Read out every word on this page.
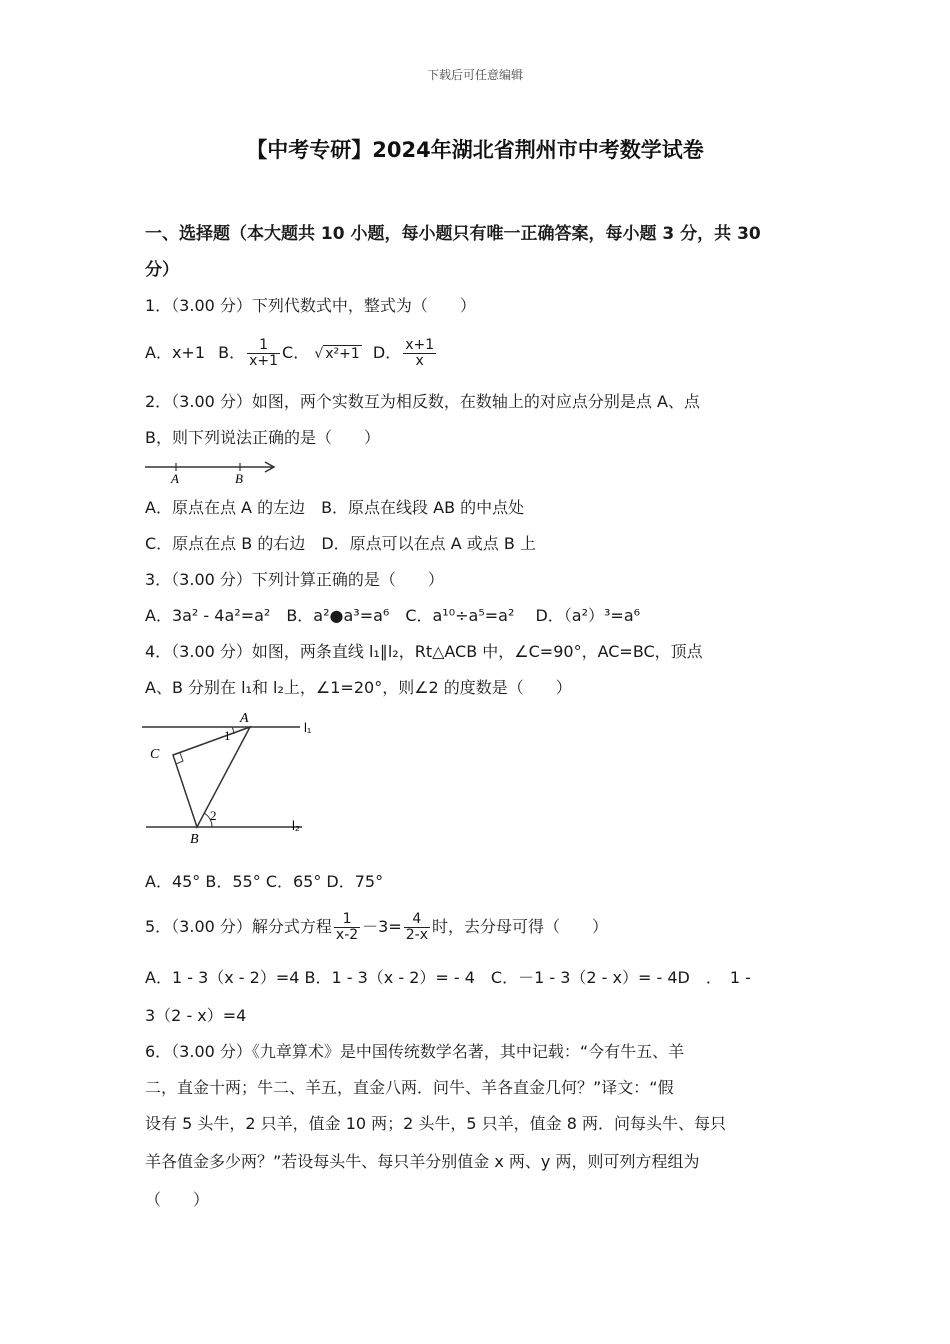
下载后可任意编辑
【中考专研】2024年湖北省荆州市中考数学试卷
一、选择题（本大题共 10 小题，每小题只有唯一正确答案，每小题 3 分，共 30
分）
1．（3.00 分）下列代数式中，整式为（　　）
A．x+1 B． $\frac{1}{x+1}$ C． √ x²+1 D． $\frac{x+1}{x}$
2．（3.00 分）如图，两个实数互为相反数，在数轴上的对应点分别是点 A、点
B，则下列说法正确的是（　　）
A	B
A．原点在点 A 的左边　B．原点在线段 AB 的中点处
C．原点在点 B 的右边　D．原点可以在点 A 或点 B 上
3．（3.00 分）下列计算正确的是（　　）
A．3a² - 4a²=a²　B．a²●a³=a⁶　C．a¹⁰÷a⁵=a²　 D．（a²）³=a⁶
4．（3.00 分）如图，两条直线 l₁∥l₂，Rt△ACB 中，∠C=90°，AC=BC，顶点
A、B 分别在 l₁和 l₂上，∠1=20°，则∠2 的度数是（　　）
A
C
B
1
2
l₁
l₂
A．45° B．55° C．65° D．75°
5．（3.00 分）解分式方程 $\frac{1}{x-2} -3= \frac{4}{2-x}$ 时，去分母可得（　　）
A．1 - 3（x - 2）=4 B．1 - 3（x - 2）= - 4　C．－1 - 3（2 - x）= - 4D　．　1 -
3（2 - x）=4
6．（3.00 分）《九章算术》是中国传统数学名著，其中记载：“今有牛五、羊
二，直金十两；牛二、羊五，直金八两．问牛、羊各直金几何？”译文：“假
设有 5 头牛，2 只羊，值金 10 两；2 头牛，5 只羊，值金 8 两．问每头牛、每只
羊各值金多少两？”若设每头牛、每只羊分别值金 x 两、y 两，则可列方程组为
（　　）
